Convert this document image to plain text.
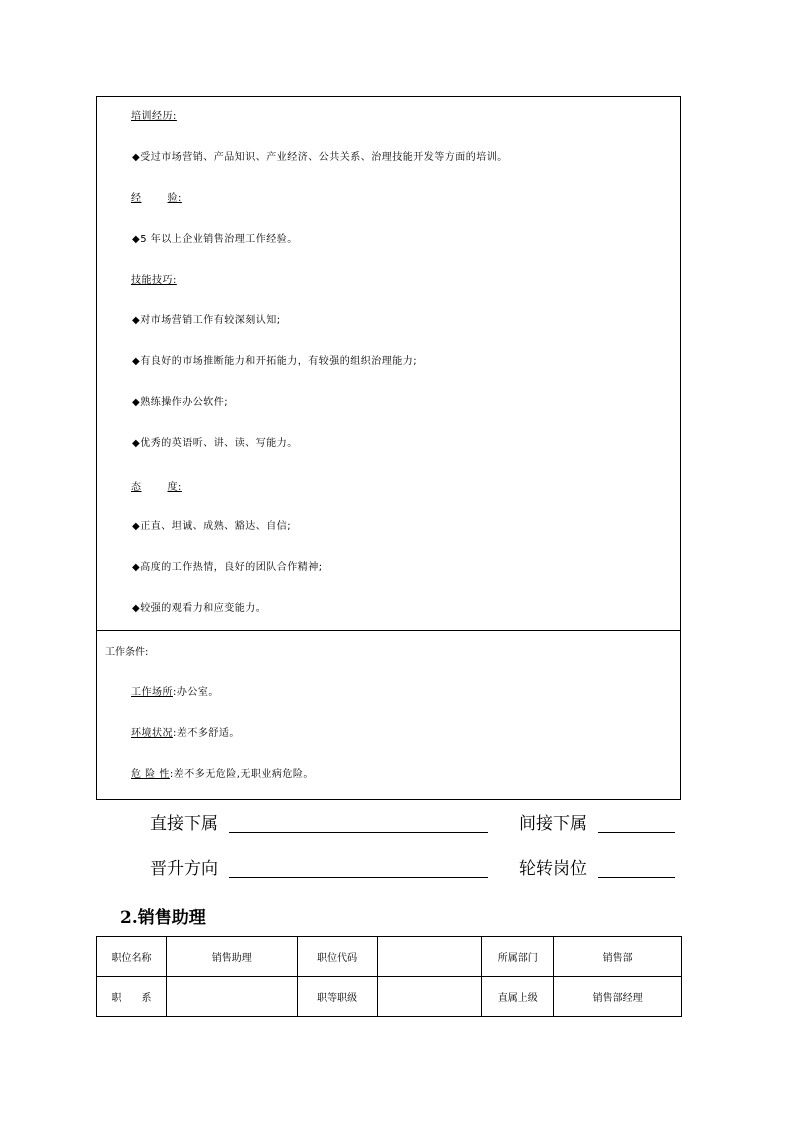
培训经历:
◆受过市场营销、产品知识、产业经济、公共关系、治理技能开发等方面的培训。
经	验:
◆5 年以上企业销售治理工作经验。
技能技巧:
◆对市场营销工作有较深刻认知;
◆有良好的市场推断能力和开拓能力，有较强的组织治理能力;
◆熟练操作办公软件;
◆优秀的英语听、讲、读、写能力。
态	度:
◆正直、坦诚、成熟、豁达、自信;
◆高度的工作热情，良好的团队合作精神;
◆较强的观看力和应变能力。
工作条件:
工作场所:办公室。
环境状况:差不多舒适。
危 险 性:差不多无危险,无职业病危险。
直接下属	间接下属
晋升方向	轮转岗位
2.销售助理
职位名称	销售助理	职位代码		所属部门	销售部
职　　系		职等职级		直属上级	销售部经理
